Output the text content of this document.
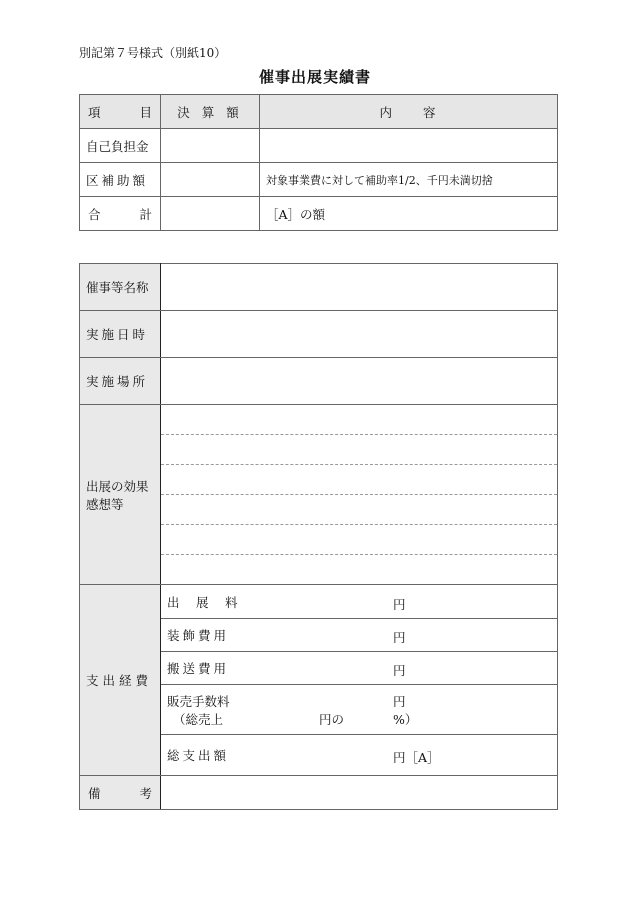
別記第７号様式（別紙10）
催事出展実績書
項 目	決 算 額	内　　容
自己負担金		
区補助額		対象事業費に対して補助率1/2、千円未満切捨

合 計		［A］の額
催事等名称	
実施日時	
実施場所	

出展の効果
感想等	

支出経費	出　展　料 円

	装飾費用 円

	搬送費用 円

	販売手数料 円
（総売上 円の %）

	総支出額 円［A］

備 考	
